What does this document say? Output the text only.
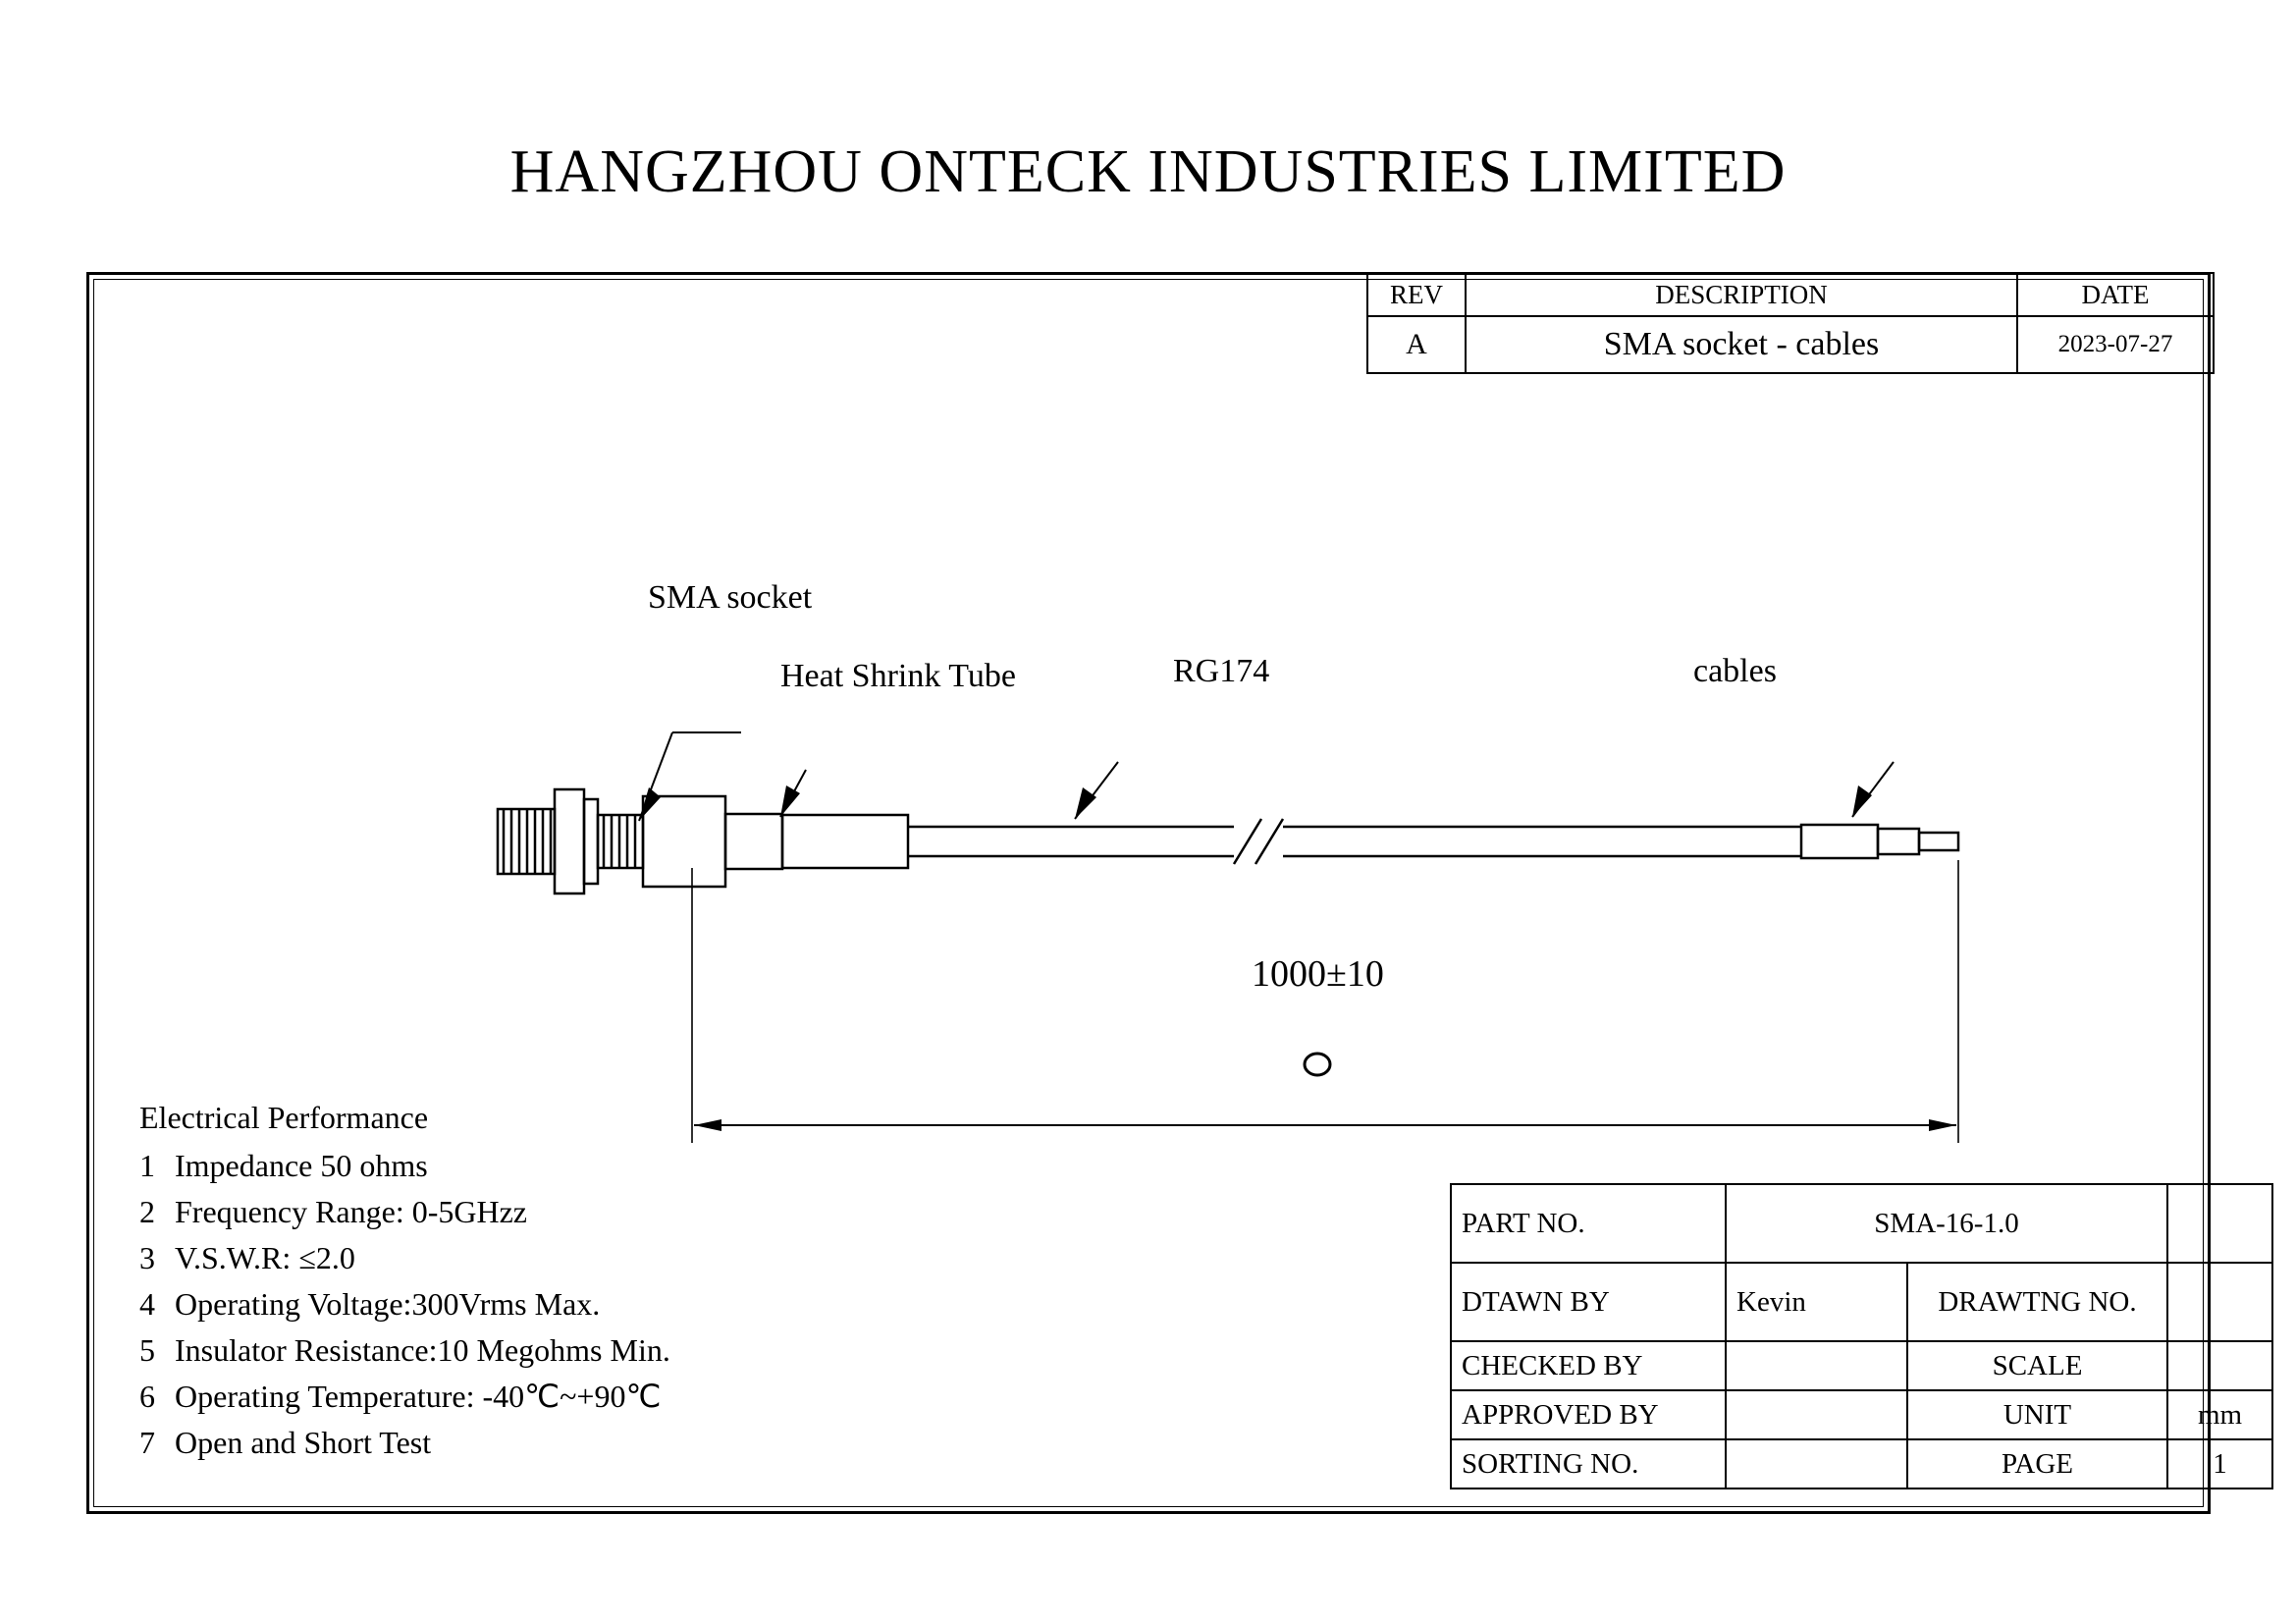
HANGZHOU ONTECK INDUSTRIES LIMITED
REV	DESCRIPTION	DATE
A	SMA socket - cables	2023-07-27
SMA socket
Heat Shrink Tube	RG174	cables
1000±10
Electrical Performance
1 Impedance 50 ohms
2 Frequency Range: 0-5GHzz
3 V.S.W.R: ≤2.0
4 Operating Voltage:300Vrms Max.
5 Insulator Resistance:10 Megohms Min.
6 Operating Temperature: -40℃~+90℃
7 Open and Short Test
PART NO.	SMA-16-1.0		
DTAWN BY	Kevin	DRAWTNG NO.	
CHECKED BY		SCALE	
APPROVED BY		UNIT	mm
SORTING NO.		PAGE	1
